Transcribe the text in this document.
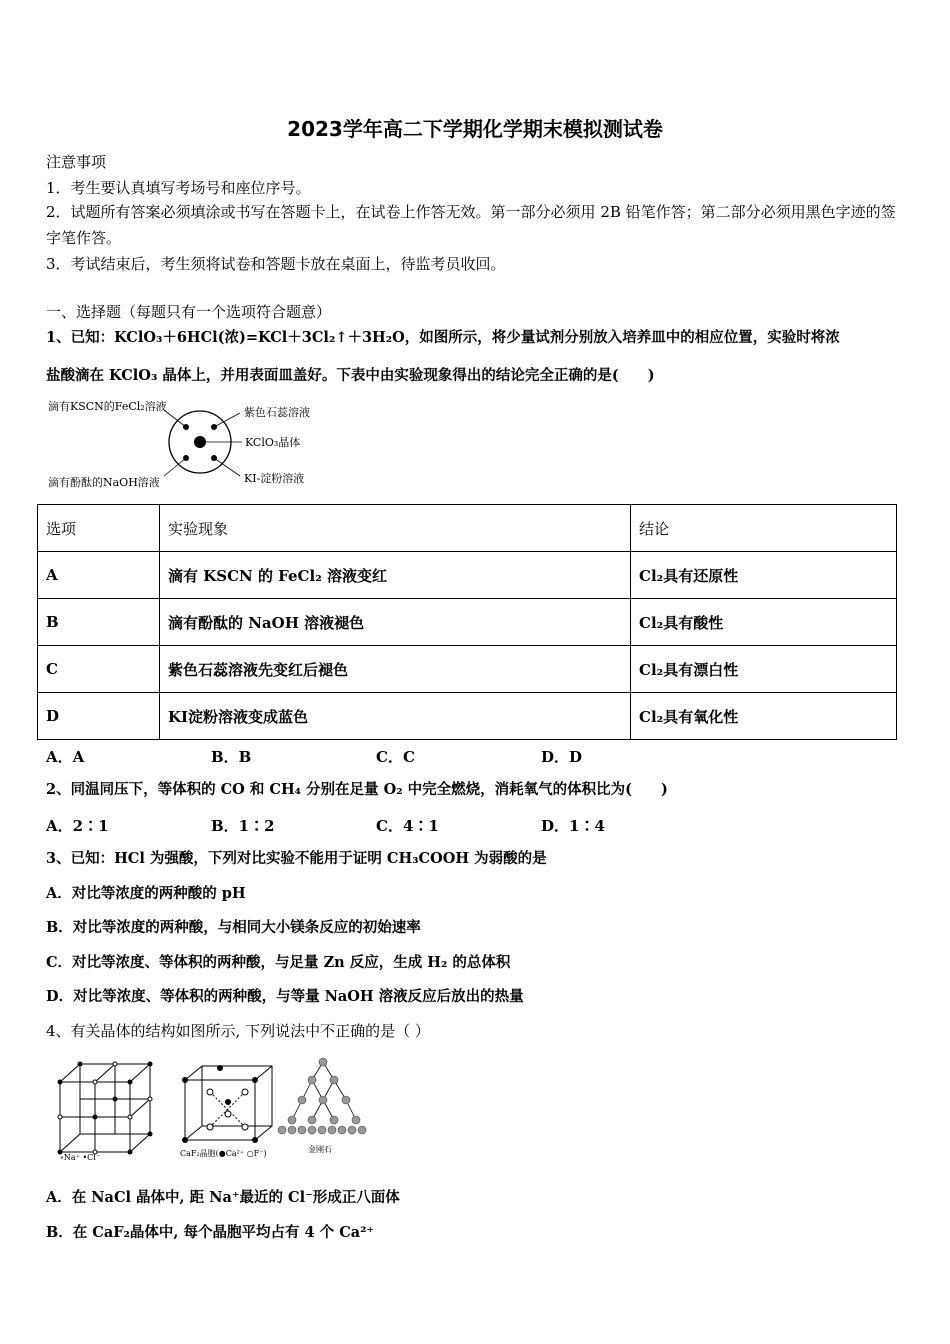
2023学年高二下学期化学期末模拟测试卷
注意事项
1．考生要认真填写考场号和座位序号。
2．试题所有答案必须填涂或书写在答题卡上，在试卷上作答无效。第一部分必须用 2B 铅笔作答；第二部分必须用黑色字迹的签字笔作答。
3．考试结束后，考生须将试卷和答题卡放在桌面上，待监考员收回。
一、选择题（每题只有一个选项符合题意）
1、已知：KClO₃＋6HCl(浓)=KCl＋3Cl₂↑＋3H₂O，如图所示，将少量试剂分别放入培养皿中的相应位置，实验时将浓
盐酸滴在 KClO₃ 晶体上，并用表面皿盖好。下表中由实验现象得出的结论完全正确的是(　　)
滴有KSCN的FeCl₂溶液	紫色石蕊溶液
KClO₃晶体
滴有酚酞的NaOH溶液	KI-淀粉溶液
选项	实验现象	结论
A	滴有 KSCN 的 FeCl₂ 溶液变红	Cl₂具有还原性
B	滴有酚酞的 NaOH 溶液褪色	Cl₂具有酸性
C	紫色石蕊溶液先变红后褪色	Cl₂具有漂白性
D	KI淀粉溶液变成蓝色	Cl₂具有氧化性
A．A	B．B	C．C	D．D
2、同温同压下，等体积的 CO 和 CH₄ 分别在足量 O₂ 中完全燃烧，消耗氧气的体积比为(　　)
A．2∶1	B．1∶2	C．4∶1	D．1∶4
3、已知：HCl 为强酸，下列对比实验不能用于证明 CH₃COOH 为弱酸的是
A．对比等浓度的两种酸的 pH
B．对比等浓度的两种酸，与相同大小镁条反应的初始速率
C．对比等浓度、等体积的两种酸，与足量 Zn 反应，生成 H₂ 的总体积
D．对比等浓度、等体积的两种酸，与等量 NaOH 溶液反应后放出的热量
4、有关晶体的结构如图所示, 下列说法中不正确的是（ ）
∘Na⁺ •Cl⁻	CaF₂晶胞(●Ca²⁺ ○F⁻)	金刚石
A．在 NaCl 晶体中, 距 Na⁺最近的 Cl⁻形成正八面体
B．在 CaF₂晶体中, 每个晶胞平均占有 4 个 Ca²⁺
